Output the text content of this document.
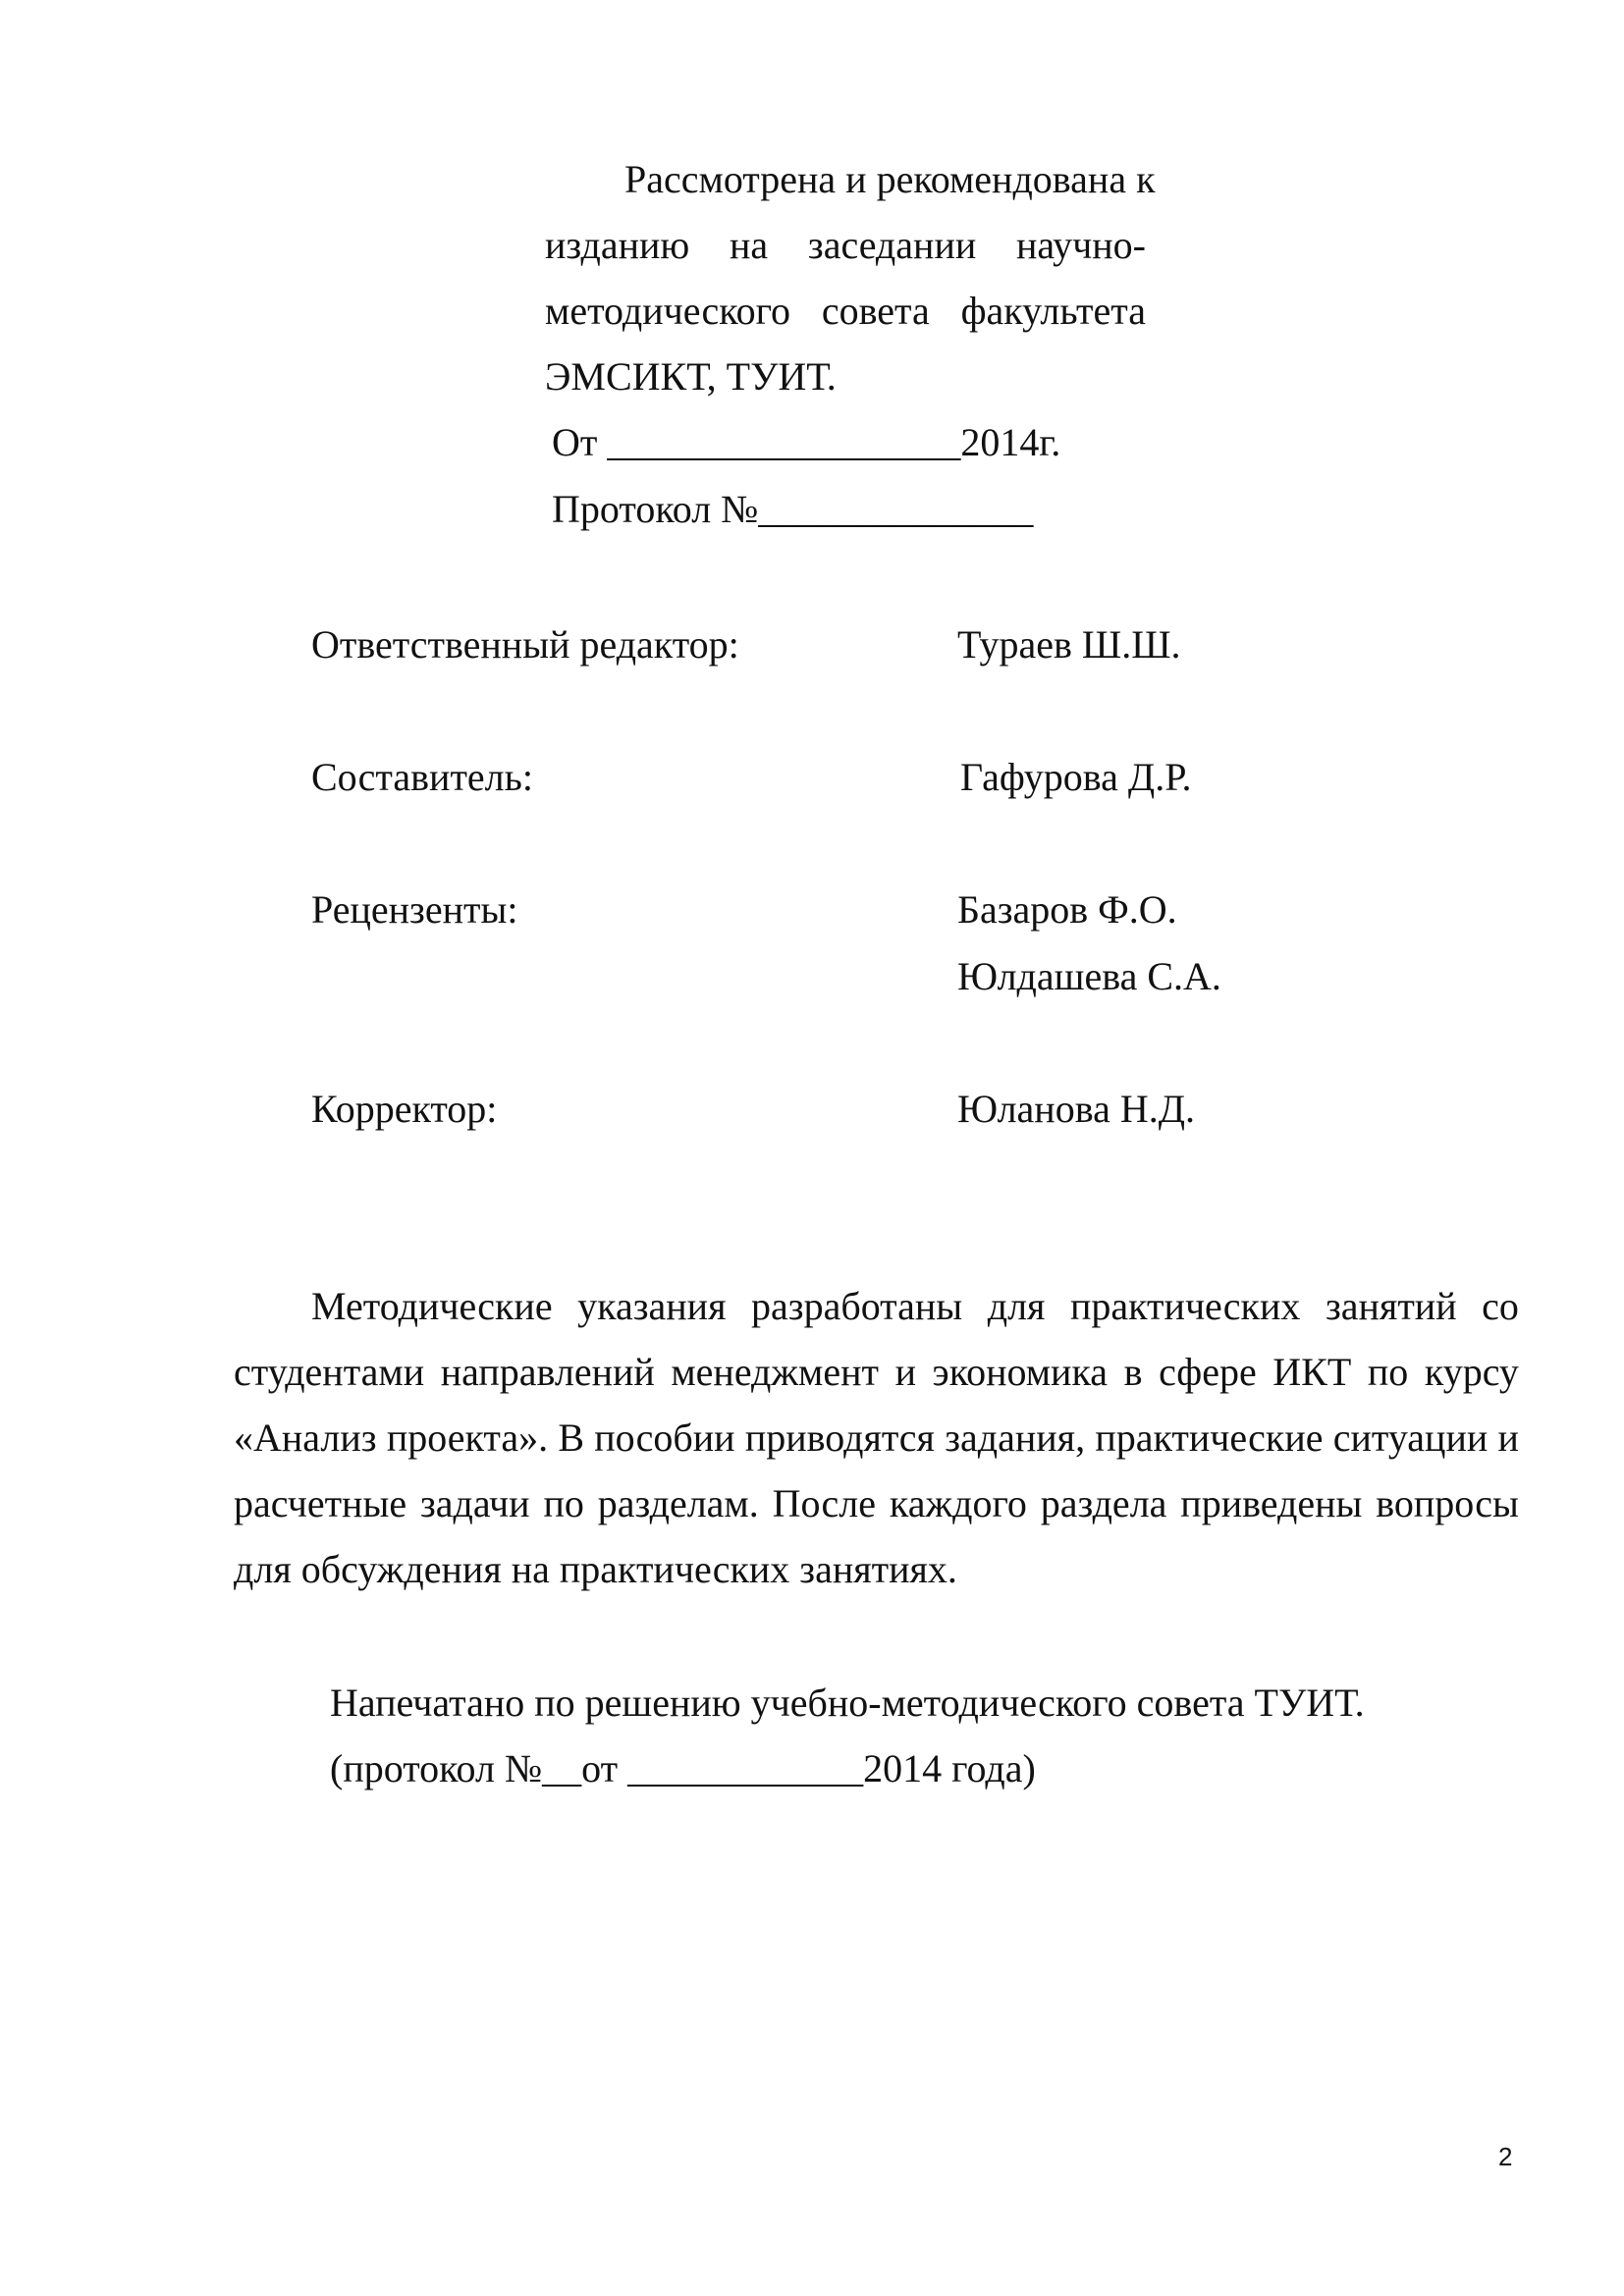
Рассмотрена и рекомендована к
изданию на заседании научно-
методического совета факультета
ЭМСИКТ, ТУИТ.
От __________________2014г.
Протокол №______________
Ответственный редактор:	Тураев Ш.Ш.
Составитель:	Гафурова Д.Р.
Рецензенты:	Базаров Ф.О.
Юлдашева С.А.
Корректор:	Юланова Н.Д.
Методические указания разработаны для практических занятий со
студентами направлений менеджмент и экономика в сфере ИКТ по курсу
«Анализ проекта». В пособии приводятся задания, практические ситуации и
расчетные задачи по разделам. После каждого раздела приведены вопросы
для обсуждения на практических занятиях.
Напечатано по решению учебно-методического совета ТУИТ.
(протокол №__от ____________2014 года)
2
